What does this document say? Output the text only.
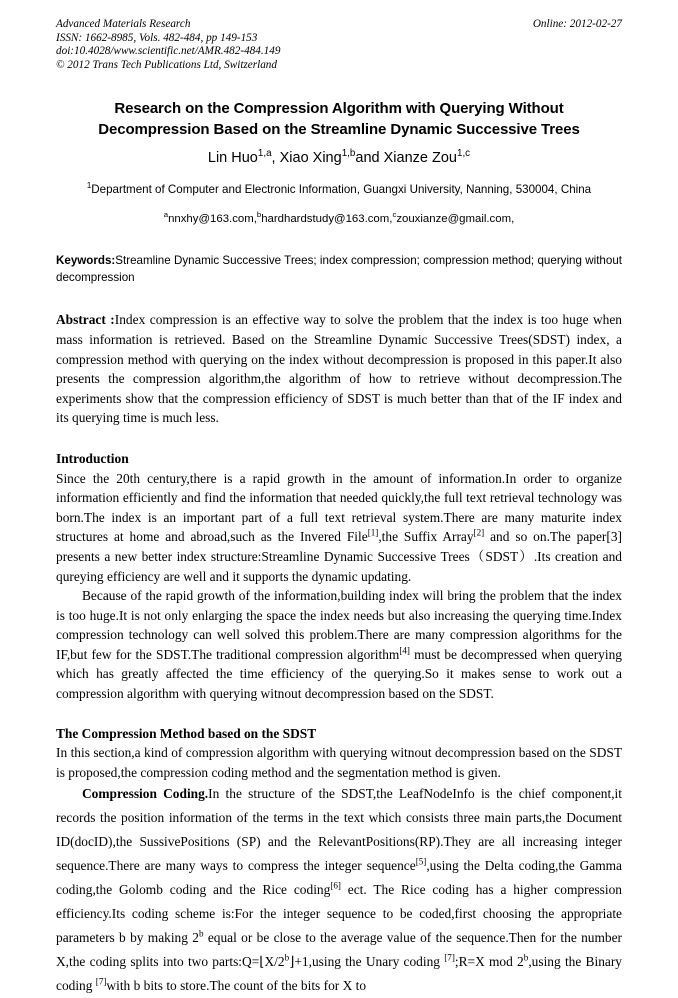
Advanced Materials Research
ISSN: 1662-8985, Vols. 482-484, pp 149-153
doi:10.4028/www.scientific.net/AMR.482-484.149
© 2012 Trans Tech Publications Ltd, Switzerland
Online: 2012-02-27
Research on the Compression Algorithm with Querying Without
Decompression Based on the Streamline Dynamic Successive Trees
Lin Huo$^{1,a}$, Xiao Xing$^{1,b}$and Xianze Zou$^{1,c}$
$^1$Department of Computer and Electronic Information, Guangxi University, Nanning, 530004, China
$^a$nnxhy@163.com,$^b$hardhardstudy@163.com,$^c$zouxianze@gmail.com,
Keywords:Streamline Dynamic Successive Trees; index compression; compression method; querying without decompression
Abstract :Index compression is an effective way to solve the problem that the index is too huge when mass information is retrieved. Based on the Streamline Dynamic Successive Trees(SDST) index, a compression method with querying on the index without decompression is proposed in this paper.It also presents the compression algorithm,the algorithm of how to retrieve without decompression.The experiments show that the compression efficiency of SDST is much better than that of the IF index and its querying time is much less.
Introduction
Since the 20th century,there is a rapid growth in the amount of information.In order to organize information efficiently and find the information that needed quickly,the full text retrieval technology was born.The index is an important part of a full text retrieval system.There are many maturite index structures at home and abroad,such as the Invered File[1],the Suffix Array[2] and so on.The paper[3] presents a new better index structure:Streamline Dynamic Successive Trees（SDST）.Its creation and qureying efficiency are well and it supports the dynamic updating.
Because of the rapid growth of the information,building index will bring the problem that the index is too huge.It is not only enlarging the space the index needs but also increasing the querying time.Index compression technology can well solved this problem.There are many compression algorithms for the IF,but few for the SDST.The traditional compression algorithm[4] must be decompressed when querying which has greatly affected the time efficiency of the querying.So it makes sense to work out a compression algorithm with querying witnout decompression based on the SDST.
The Compression Method based on the SDST
In this section,a kind of compression algorithm with querying witnout decompression based on the SDST is proposed,the compression coding method and the segmentation method is given.
Compression Coding.In the structure of the SDST,the LeafNodeInfo is the chief component,it records the position information of the terms in the text which consists three main parts,the Document ID(docID),the SussivePositions (SP) and the RelevantPositions(RP).They are all increasing integer sequence.There are many ways to compress the integer sequence[5],using the Delta coding,the Gamma coding,the Golomb coding and the Rice coding[6] ect. The Rice coding has a higher compression efficiency.Its coding scheme is:For the integer sequence to be coded,first choosing the appropriate parameters b by making 2$^b$ equal or be close to the average value of the sequence.Then for the number X,the coding splits into two $parts:Q=⌊X/2^b⌋+1,using$ the Unary coding [7];R=X mod 2$^b$,using the Binary coding [7]with b bits to store.The count of the bits for X to
